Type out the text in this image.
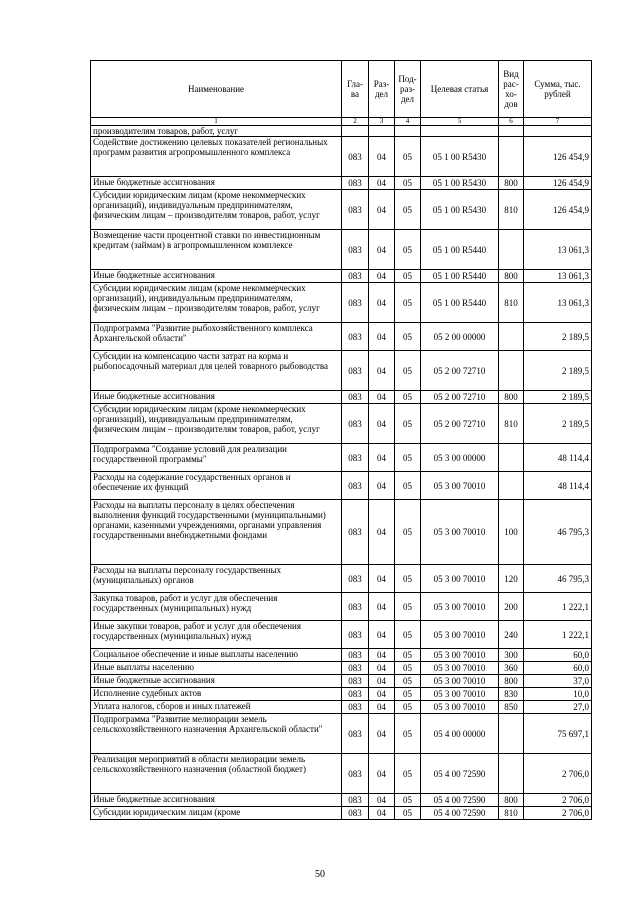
Наименование	Гла-ва	Раз-дел	Под-раз-дел	Целевая статья	Вид рас-хо-дов	Сумма, тыс. рублей
1	2	3	4	5	6	7
производителям товаров, работ, услуг						
Содействие достижению целевых показателей региональных программ развития агропромышленного комплекса	083	04	05	05 1 00 R5430		126 454,9
Иные бюджетные ассигнования	083	04	05	05 1 00 R5430	800	126 454,9
Субсидии юридическим лицам (кроме некоммерческих организаций), индивидуальным предпринимателям, физическим лицам – производителям товаров, работ, услуг	083	04	05	05 1 00 R5430	810	126 454,9
Возмещение части процентной ставки по инвестиционным кредитам (займам) в агропромышленном комплексе	083	04	05	05 1 00 R5440		13 061,3
Иные бюджетные ассигнования	083	04	05	05 1 00 R5440	800	13 061,3
Субсидии юридическим лицам (кроме некоммерческих организаций), индивидуальным предпринимателям, физическим лицам – производителям товаров, работ, услуг	083	04	05	05 1 00 R5440	810	13 061,3
Подпрограмма "Развитие рыбохозяйственного комплекса Архангельской области"	083	04	05	05 2 00 00000		2 189,5
Субсидии на компенсацию части затрат на корма и рыбопосадочный материал для целей товарного рыбоводства	083	04	05	05 2 00 72710		2 189,5
Иные бюджетные ассигнования	083	04	05	05 2 00 72710	800	2 189,5
Субсидии юридическим лицам (кроме некоммерческих организаций), индивидуальным предпринимателям, физическим лицам – производителям товаров, работ, услуг	083	04	05	05 2 00 72710	810	2 189,5
Подпрограмма "Создание условий для реализации государственной программы"	083	04	05	05 3 00 00000		48 114,4
Расходы на содержание государственных органов и обеспечение их функций	083	04	05	05 3 00 70010		48 114,4
Расходы на выплаты персоналу в целях обеспечения выполнения функций государственными (муниципальными) органами, казенными учреждениями, органами управления государственными внебюджетными фондами	083	04	05	05 3 00 70010	100	46 795,3
Расходы на выплаты персоналу государственных (муниципальных) органов	083	04	05	05 3 00 70010	120	46 795,3
Закупка товаров, работ и услуг для обеспечения государственных (муниципальных) нужд	083	04	05	05 3 00 70010	200	1 222,1
Иные закупки товаров, работ и услуг для обеспечения государственных (муниципальных) нужд	083	04	05	05 3 00 70010	240	1 222,1
Социальное обеспечение и иные выплаты населению	083	04	05	05 3 00 70010	300	60,0
Иные выплаты населению	083	04	05	05 3 00 70010	360	60,0
Иные бюджетные ассигнования	083	04	05	05 3 00 70010	800	37,0
Исполнение судебных актов	083	04	05	05 3 00 70010	830	10,0
Уплата налогов, сборов и иных платежей	083	04	05	05 3 00 70010	850	27,0
Подпрограмма "Развитие мелиорации земель сельскохозяйственного назначения Архангельской области"	083	04	05	05 4 00 00000		75 697,1
Реализация мероприятий в области мелиорации земель сельскохозяйственного назначения (областной бюджет)	083	04	05	05 4 00 72590		2 706,0
Иные бюджетные ассигнования	083	04	05	05 4 00 72590	800	2 706,0
Субсидии юридическим лицам (кроме	083	04	05	05 4 00 72590	810	2 706,0
50
